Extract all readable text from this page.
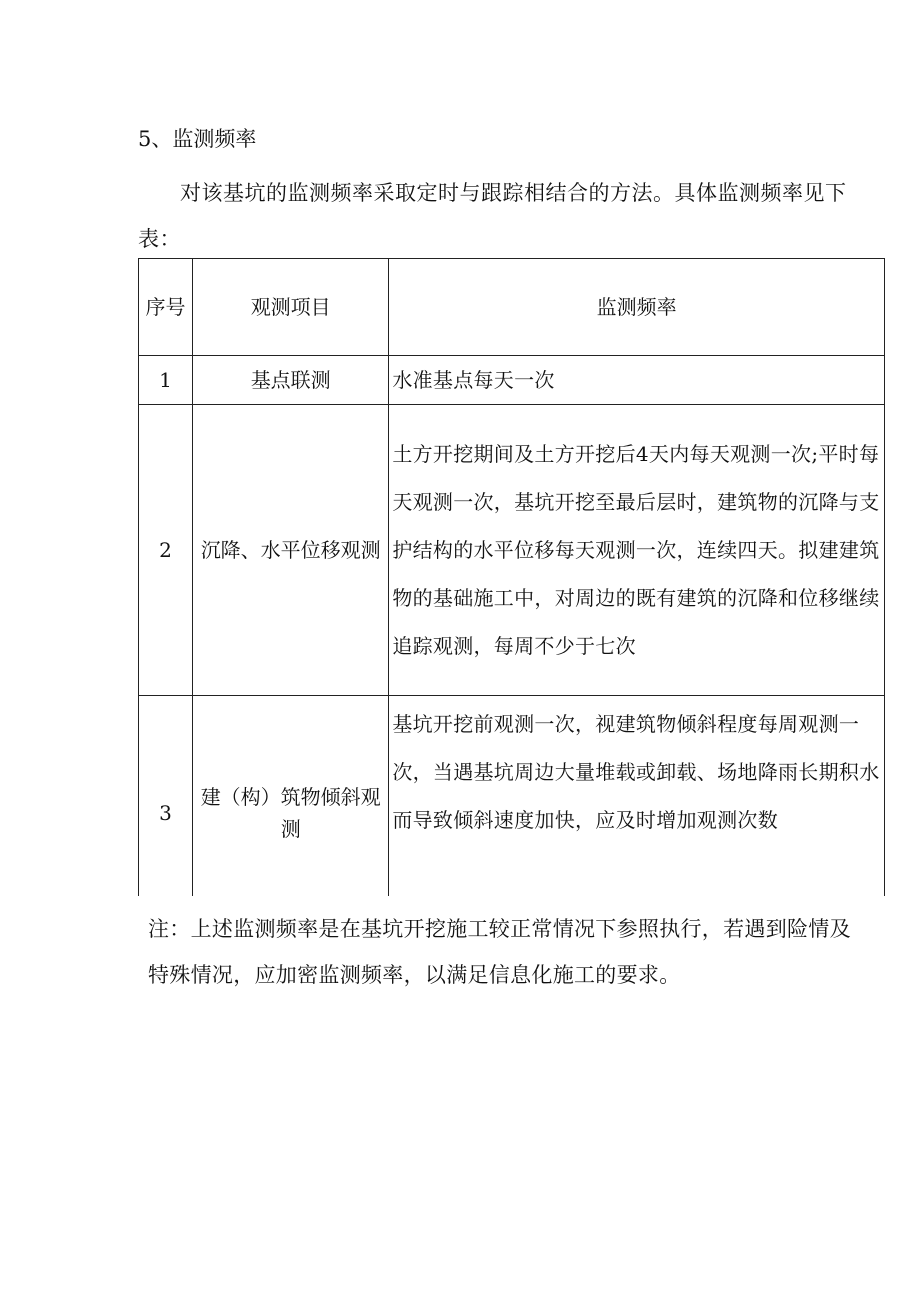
5、监测频率

对该基坑的监测频率采取定时与跟踪相结合的方法。具体监测频率见下表：

序号	观测项目	监测频率
1	基点联测	水准基点每天一次
2	沉降、水平位移观测	土方开挖期间及土方开挖后4天内每天观测一次;平时每天观测一次，基坑开挖至最后层时，建筑物的沉降与支护结构的水平位移每天观测一次，连续四天。拟建建筑物的基础施工中，对周边的既有建筑的沉降和位移继续追踪观测，每周不少于七次
3	建（构）筑物倾斜观测	基坑开挖前观测一次，视建筑物倾斜程度每周观测一次，当遇基坑周边大量堆载或卸载、场地降雨长期积水而导致倾斜速度加快，应及时增加观测次数

注：上述监测频率是在基坑开挖施工较正常情况下参照执行，若遇到险情及特殊情况，应加密监测频率，以满足信息化施工的要求。
